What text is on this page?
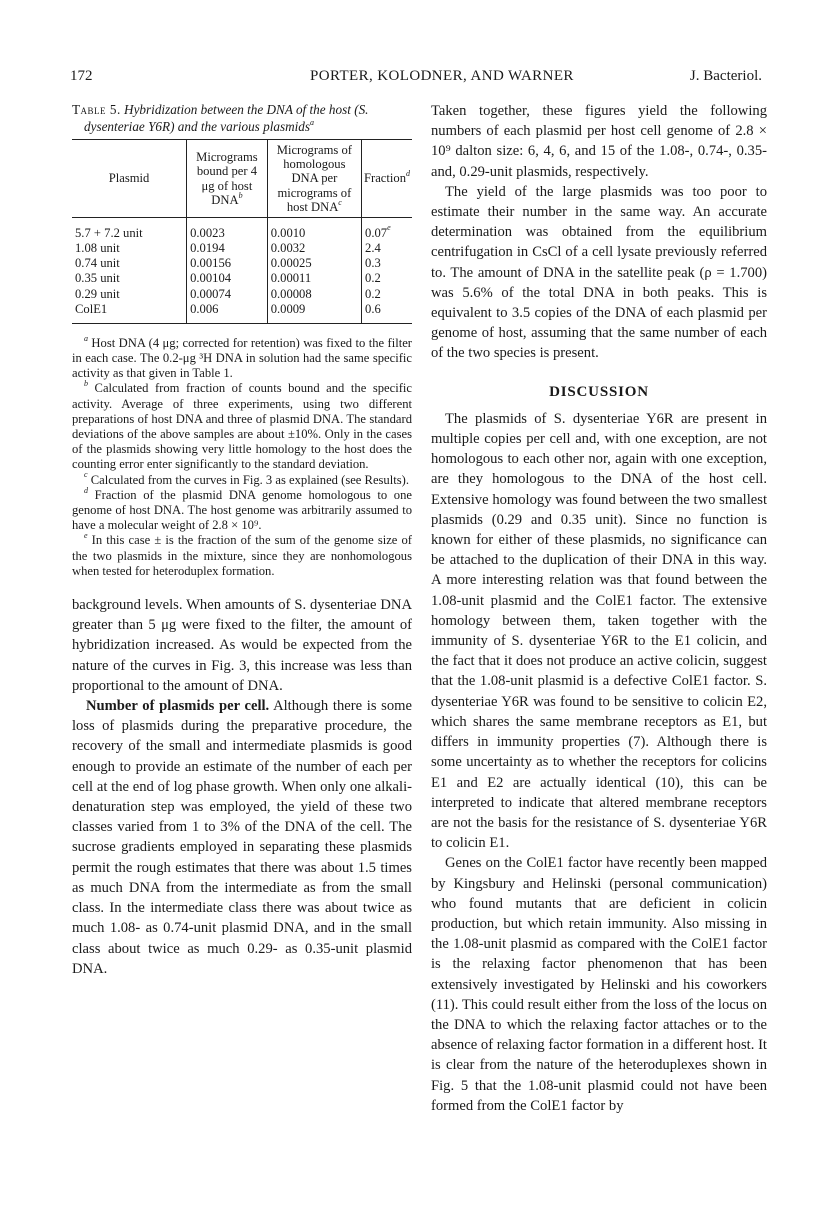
172	PORTER, KOLODNER, AND WARNER	J. Bacteriol.
Table 5. Hybridization between the DNA of the host (S. dysenteriae Y6R) and the various plasmids$^a$
Plasmid	Micrograms bound per 4 μg of host DNA$^b$	Micrograms of homologous DNA per micrograms of host DNA$^c$	Fraction$^d$
5.7 + 7.2 unit	0.0023	0.0010	0.07e
1.08 unit	0.0194	0.0032	2.4
0.74 unit	0.00156	0.00025	0.3
0.35 unit	0.00104	0.00011	0.2
0.29 unit	0.00074	0.00008	0.2
ColE1	0.006	0.0009	0.6

$^a$ Host DNA (4 μg; corrected for retention) was fixed to the filter in each case. The 0.2-μg ³H DNA in solution had the same specific activity as that given in Table 1.

$^b$ Calculated from fraction of counts bound and the specific activity. Average of three experiments, using two different preparations of host DNA and three of plasmid DNA. The standard deviations of the above samples are about ±10%. Only in the cases of the plasmids showing very little homology to the host does the counting error enter significantly to the standard deviation.

$^c$ Calculated from the curves in Fig. 3 as explained (see Results).

$^d$ Fraction of the plasmid DNA genome homologous to one genome of host DNA. The host genome was arbitrarily assumed to have a molecular weight of 2.8 × 10⁹.

$^e$ In this case ± is the fraction of the sum of the genome size of the two plasmids in the mixture, since they are nonhomologous when tested for heteroduplex formation.

background levels. When amounts of S. dysenteriae DNA greater than 5 μg were fixed to the filter, the amount of hybridization increased. As would be expected from the nature of the curves in Fig. 3, this increase was less than proportional to the amount of DNA.

Number of plasmids per cell. Although there is some loss of plasmids during the preparative procedure, the recovery of the small and intermediate plasmids is good enough to provide an estimate of the number of each per cell at the end of log phase growth. When only one alkali-denaturation step was employed, the yield of these two classes varied from 1 to 3% of the DNA of the cell. The sucrose gradients employed in separating these plasmids permit the rough estimates that there was about 1.5 times as much DNA from the intermediate as from the small class. In the intermediate class there was about twice as much 1.08- as 0.74-unit plasmid DNA, and in the small class about twice as much 0.29- as 0.35-unit plasmid DNA.

Taken together, these figures yield the following numbers of each plasmid per host cell genome of 2.8 × 10⁹ dalton size: 6, 4, 6, and 15 of the 1.08-, 0.74-, 0.35- and, 0.29-unit plasmids, respectively.

The yield of the large plasmids was too poor to estimate their number in the same way. An accurate determination was obtained from the equilibrium centrifugation in CsCl of a cell lysate previously referred to. The amount of DNA in the satellite peak (ρ = 1.700) was 5.6% of the total DNA in both peaks. This is equivalent to 3.5 copies of the DNA of each plasmid per genome of host, assuming that the same number of each of the two species is present.

DISCUSSION

The plasmids of S. dysenteriae Y6R are present in multiple copies per cell and, with one exception, are not homologous to each other nor, again with one exception, are they homologous to the DNA of the host cell. Extensive homology was found between the two smallest plasmids (0.29 and 0.35 unit). Since no function is known for either of these plasmids, no significance can be attached to the duplication of their DNA in this way. A more interesting relation was that found between the 1.08-unit plasmid and the ColE1 factor. The extensive homology between them, taken together with the immunity of S. dysenteriae Y6R to the E1 colicin, and the fact that it does not produce an active colicin, suggest that the 1.08-unit plasmid is a defective ColE1 factor. S. dysenteriae Y6R was found to be sensitive to colicin E2, which shares the same membrane receptors as E1, but differs in immunity properties (7). Although there is some uncertainty as to whether the receptors for colicins E1 and E2 are actually identical (10), this can be interpreted to indicate that altered membrane receptors are not the basis for the resistance of S. dysenteriae Y6R to colicin E1.

Genes on the ColE1 factor have recently been mapped by Kingsbury and Helinski (personal communication) who found mutants that are deficient in colicin production, but which retain immunity. Also missing in the 1.08-unit plasmid as compared with the ColE1 factor is the relaxing factor phenomenon that has been extensively investigated by Helinski and his coworkers (11). This could result either from the loss of the locus on the DNA to which the relaxing factor attaches or to the absence of relaxing factor formation in a different host. It is clear from the nature of the heteroduplexes shown in Fig. 5 that the 1.08-unit plasmid could not have been formed from the ColE1 factor by
